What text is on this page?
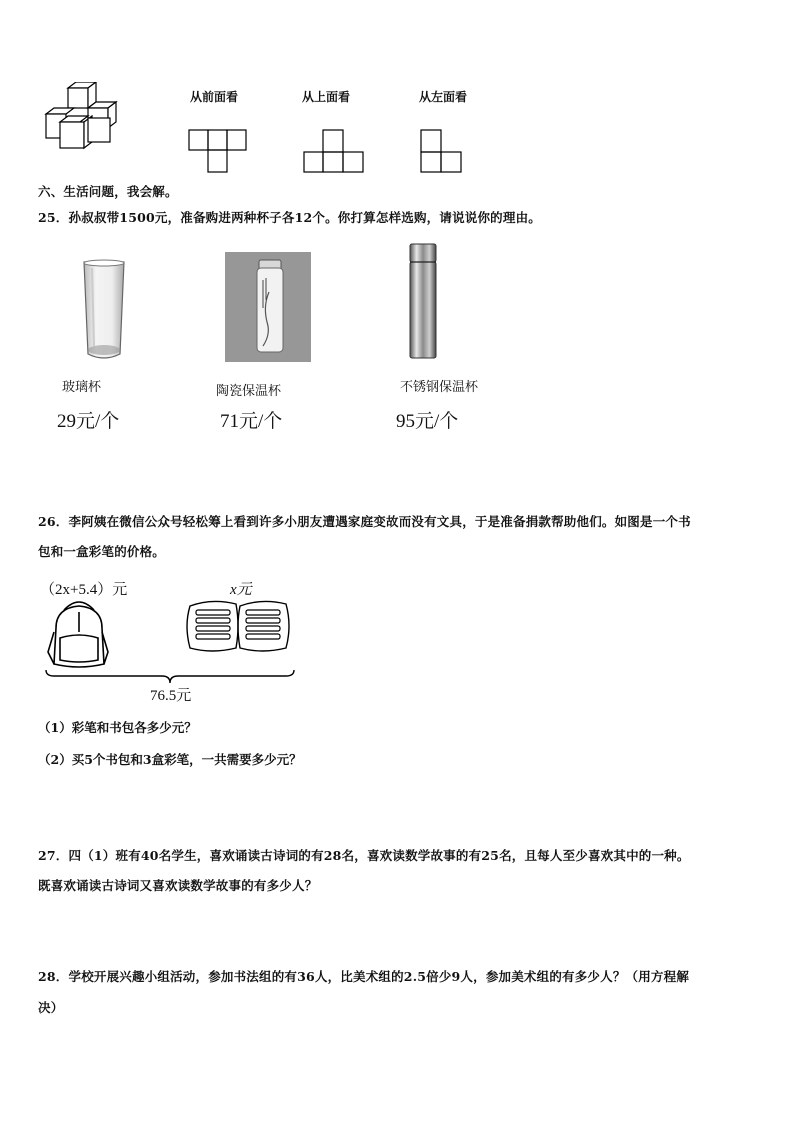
从前面看	从上面看	从左面看
六、生活问题，我会解。
25．孙叔叔带1500元，准备购进两种杯子各12个。你打算怎样选购，请说说你的理由。
玻璃杯	陶瓷保温杯	不锈钢保温杯
29元/个	71元/个	95元/个
26．李阿姨在微信公众号轻松筹上看到许多小朋友遭遇家庭变故而没有文具，于是准备捐款帮助他们。如图是一个书
包和一盒彩笔的价格。
（2x+5.4）元	x元
76.5元
（1）彩笔和书包各多少元？
（2）买5个书包和3盒彩笔，一共需要多少元？
27．四（1）班有40名学生，喜欢诵读古诗词的有28名，喜欢读数学故事的有25名，且每人至少喜欢其中的一种。
既喜欢诵读古诗词又喜欢读数学故事的有多少人？
28．学校开展兴趣小组活动，参加书法组的有36人，比美术组的2.5倍少9人，参加美术组的有多少人？（用方程解
决）
